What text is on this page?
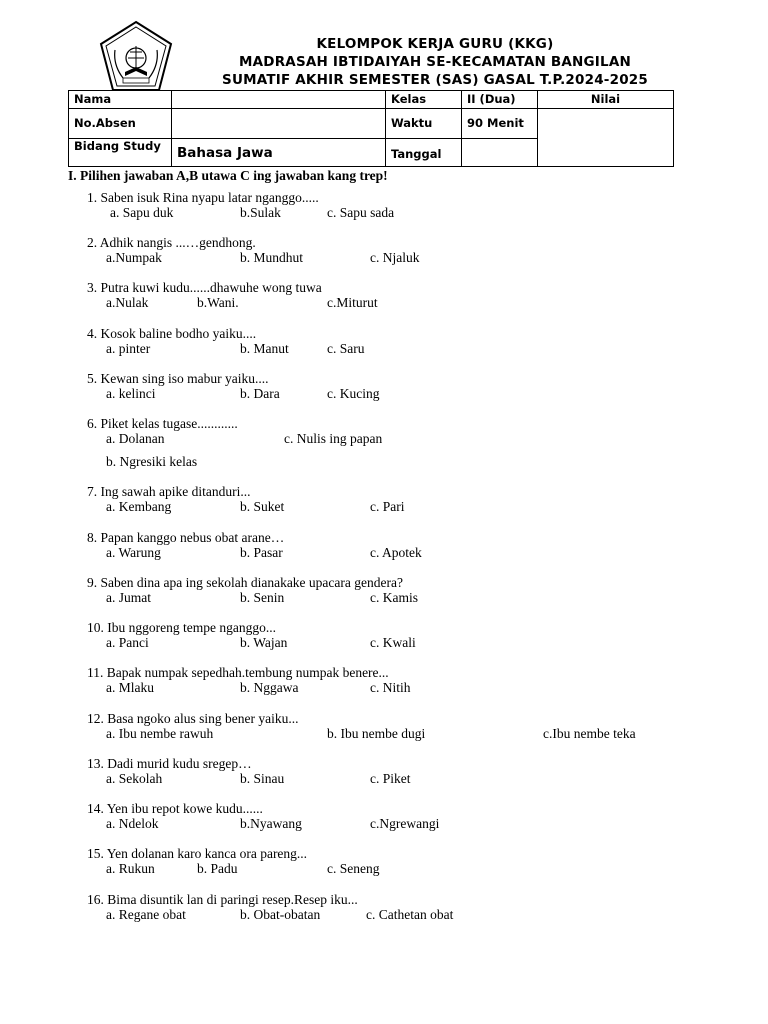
KELOMPOK KERJA GURU (KKG)
MADRASAH IBTIDAIYAH SE-KECAMATAN BANGILAN
SUMATIF AKHIR SEMESTER (SAS) GASAL T.P.2024-2025
Nama		Kelas	II (Dua)	Nilai
No.Absen		Waktu	90 Menit	
Bidang Study	Bahasa Jawa	Tanggal		
I. Pilihen jawaban A,B utawa C ing jawaban kang trep!
1. Saben isuk Rina nyapu latar nganggo.....
a. Sapu duk	b.Sulak	c. Sapu sada
2. Adhik nangis ...…gendhong.
a.Numpak	b. Mundhut	c. Njaluk
3. Putra kuwi kudu......dhawuhe wong tuwa
a.Nulak	b.Wani.	c.Miturut
4. Kosok baline bodho yaiku....
a. pinter	b. Manut	c. Saru
5. Kewan sing iso mabur yaiku....
a. kelinci	b. Dara	c. Kucing
6. Piket kelas tugase............
a. Dolanan	c. Nulis ing papan
b. Ngresiki kelas
7. Ing sawah apike ditanduri...
a. Kembang	b. Suket	c. Pari
8. Papan kanggo nebus obat arane…
a. Warung	b. Pasar	c. Apotek
9. Saben dina apa ing sekolah dianakake upacara gendera?
a. Jumat	b. Senin	c. Kamis
10. Ibu nggoreng tempe nganggo...
a. Panci	b. Wajan	c. Kwali
11. Bapak numpak sepedhah.tembung numpak benere...
a. Mlaku	b. Nggawa	c. Nitih
12. Basa ngoko alus sing bener yaiku...
a. Ibu nembe rawuh	b. Ibu nembe dugi	c.Ibu nembe teka
13. Dadi murid kudu sregep…
a. Sekolah	b. Sinau	c. Piket
14. Yen ibu repot kowe kudu......
a. Ndelok	b.Nyawang	c.Ngrewangi
15. Yen dolanan karo kanca ora pareng...
a. Rukun	b. Padu	c. Seneng
16. Bima disuntik lan di paringi resep.Resep iku...
a. Regane obat	b. Obat-obatan	c. Cathetan obat
